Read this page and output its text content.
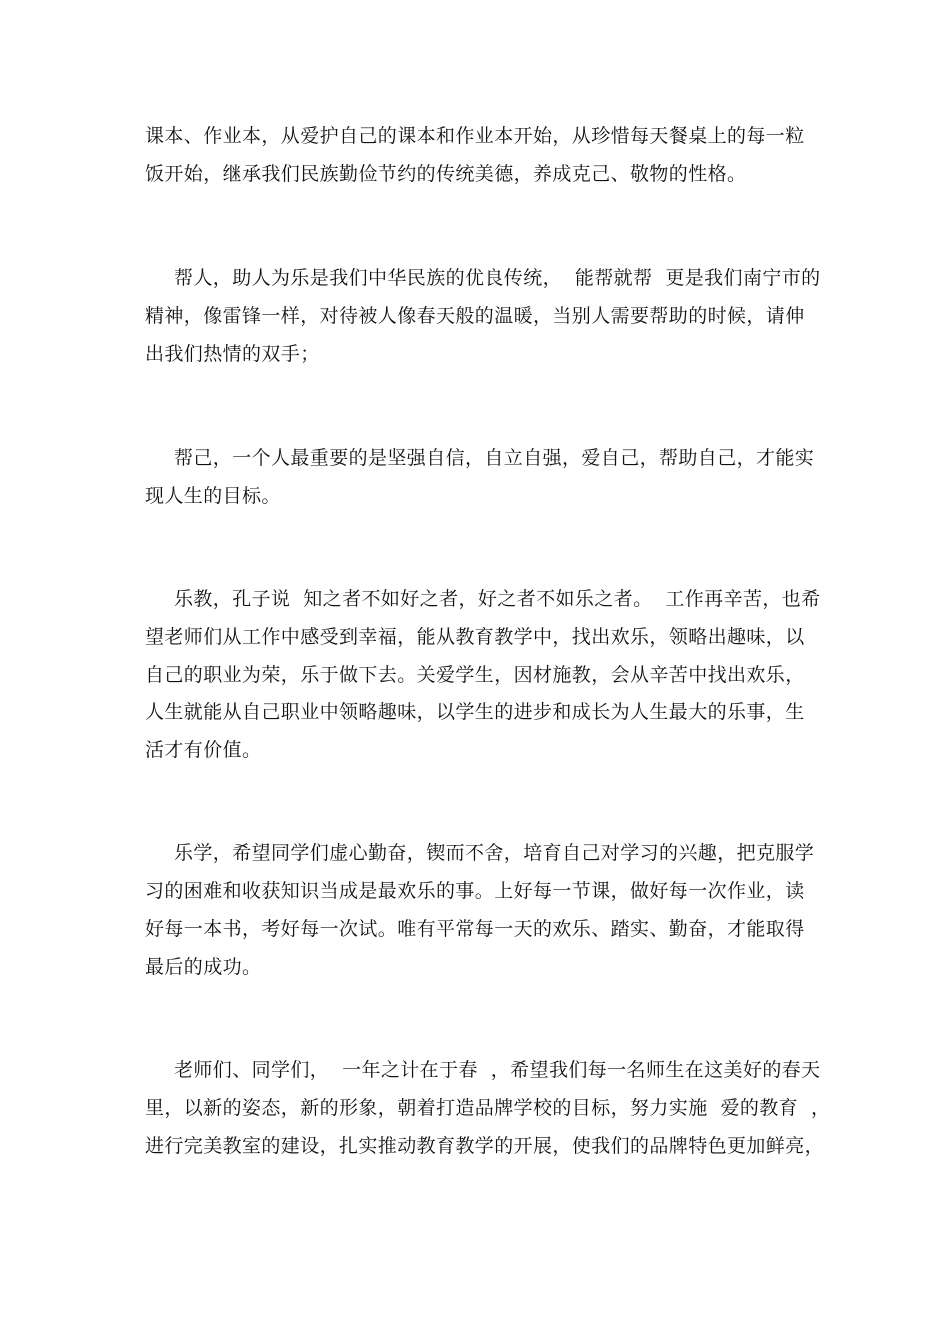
课本、作业本，从爱护自己的课本和作业本开始，从珍惜每天餐桌上的每一粒
饭开始，继承我们民族勤俭节约的传统美德，养成克己、敬物的性格。
帮人，助人为乐是我们中华民族的优良传统，  能帮就帮  更是我们南宁市的
精神，像雷锋一样，对待被人像春天般的温暖，当别人需要帮助的时候，请伸
出我们热情的双手；
帮己，一个人最重要的是坚强自信，自立自强，爱自己，帮助自己，才能实
现人生的目标。
乐教，孔子说  知之者不如好之者，好之者不如乐之者。  工作再辛苦，也希
望老师们从工作中感受到幸福，能从教育教学中，找出欢乐，领略出趣味，以
自己的职业为荣，乐于做下去。关爱学生，因材施教，会从辛苦中找出欢乐，
人生就能从自己职业中领略趣味，以学生的进步和成长为人生最大的乐事，生
活才有价值。
乐学，希望同学们虚心勤奋，锲而不舍，培育自己对学习的兴趣，把克服学
习的困难和收获知识当成是最欢乐的事。上好每一节课，做好每一次作业，读
好每一本书，考好每一次试。唯有平常每一天的欢乐、踏实、勤奋，才能取得
最后的成功。
老师们、同学们，  一年之计在于春  ，希望我们每一名师生在这美好的春天
里，以新的姿态，新的形象，朝着打造品牌学校的目标，努力实施  爱的教育  ，
进行完美教室的建设，扎实推动教育教学的开展，使我们的品牌特色更加鲜亮，
